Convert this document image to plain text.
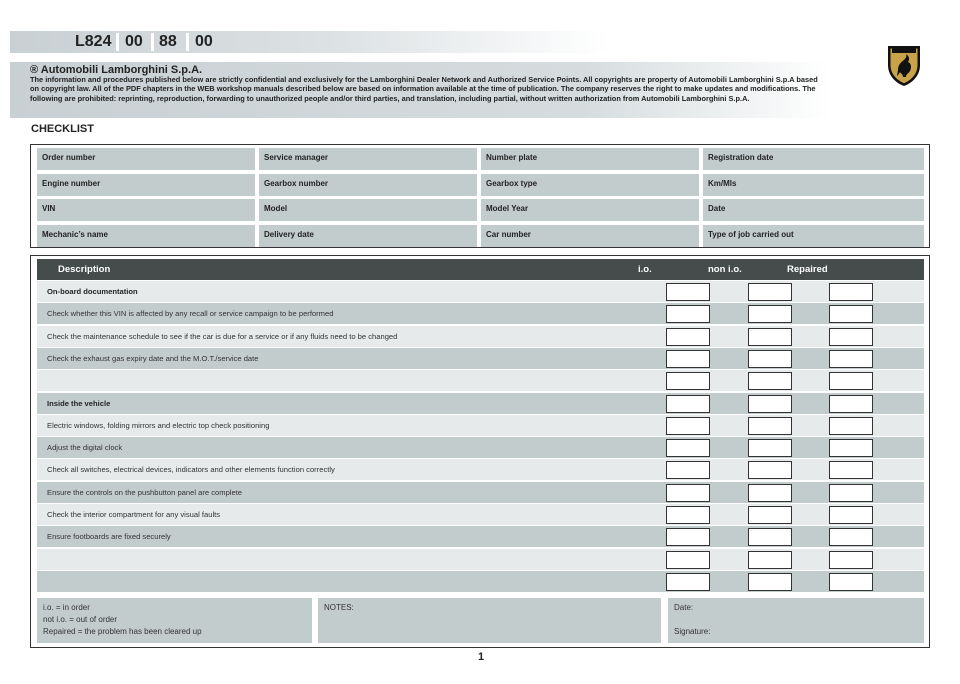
L824 00 88 00
® Automobili Lamborghini S.p.A.
The information and procedures published below are strictly confidential and exclusively for the Lamborghini Dealer Network and Authorized Service Points. All copyrights are property of Automobili Lamborghini S.p.A based on copyright law. All of the PDF chapters in the WEB workshop manuals described below are based on information available at the time of publication. The company reserves the right to make updates and modifications. The following are prohibited: reprinting, reproduction, forwarding to unauthorized people and/or third parties, and translation, including partial, without written authorization from Automobili Lamborghini S.p.A.
CHECKLIST
Order number	Service manager	Number plate	Registration date
Engine number	Gearbox number	Gearbox type	Km/Mls
VIN	Model	Model Year	Date
Mechanic’s name	Delivery date	Car number	Type of job carried out
Description	i.o.	non i.o.	Repaired
On-board documentation
Check whether this VIN is affected by any recall or service campaign to be performed
Check the maintenance schedule to see if the car is due for a service or if any fluids need to be changed
Check the exhaust gas expiry date and the M.O.T./service date
Inside the vehicle
Electric windows, folding mirrors and electric top check positioning
Adjust the digital clock
Check all switches, electrical devices, indicators and other elements function correctly
Ensure the controls on the pushbutton panel are complete
Check the interior compartment for any visual faults
Ensure footboards are fixed securely
i.o. = in order
not i.o. = out of order
Repaired = the problem has been cleared up
NOTES:	Date:
Signature:
1
